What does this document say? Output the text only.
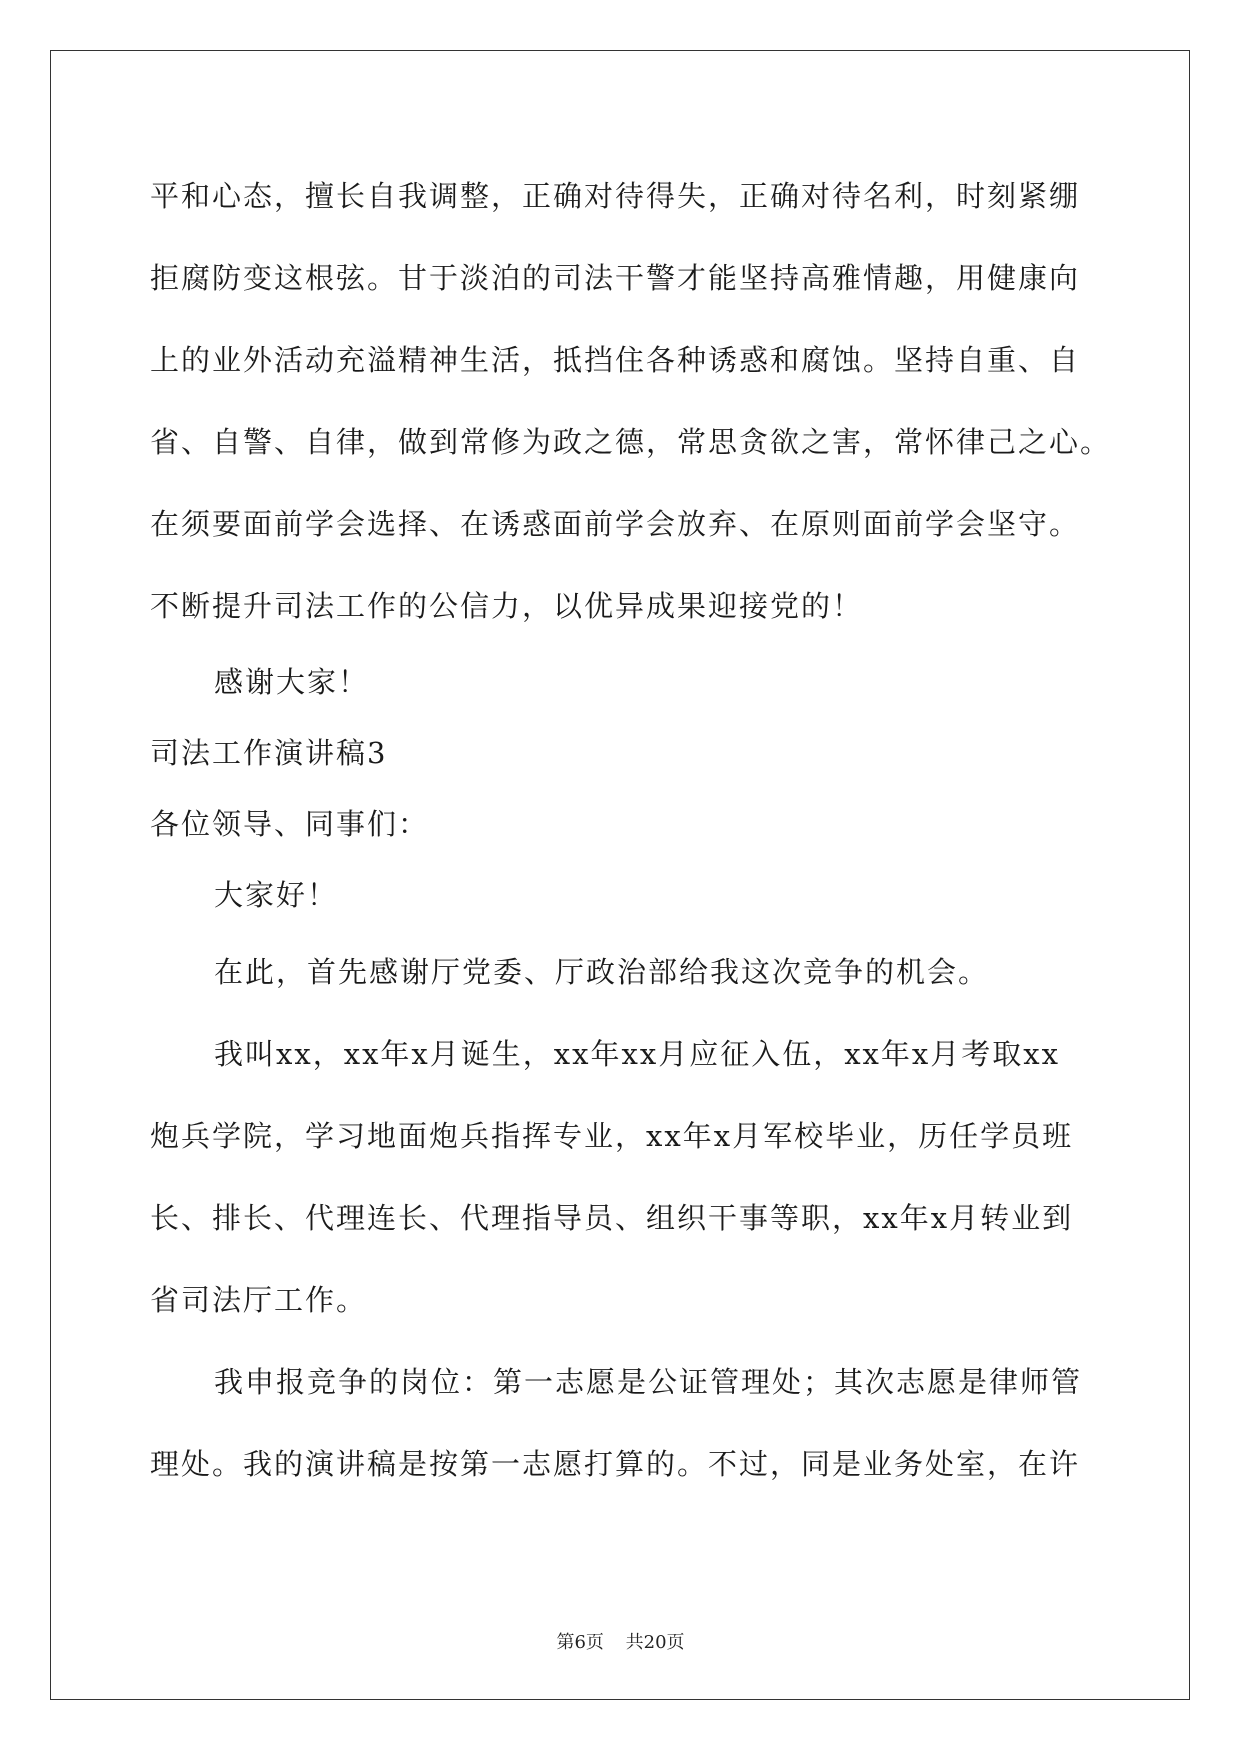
平和心态，擅长自我调整，正确对待得失，正确对待名利，时刻紧绷
拒腐防变这根弦。甘于淡泊的司法干警才能坚持高雅情趣，用健康向
上的业外活动充溢精神生活，抵挡住各种诱惑和腐蚀。坚持自重、自
省、自警、自律，做到常修为政之德，常思贪欲之害，常怀律己之心。
在须要面前学会选择、在诱惑面前学会放弃、在原则面前学会坚守。
不断提升司法工作的公信力，以优异成果迎接党的！
感谢大家！
司法工作演讲稿3
各位领导、同事们：
大家好！
在此，首先感谢厅党委、厅政治部给我这次竞争的机会。
我叫xx，xx年x月诞生，xx年xx月应征入伍，xx年x月考取xx
炮兵学院，学习地面炮兵指挥专业，xx年x月军校毕业，历任学员班
长、排长、代理连长、代理指导员、组织干事等职，xx年x月转业到
省司法厅工作。
我申报竞争的岗位：第一志愿是公证管理处；其次志愿是律师管
理处。我的演讲稿是按第一志愿打算的。不过，同是业务处室，在许
第6页 共20页
